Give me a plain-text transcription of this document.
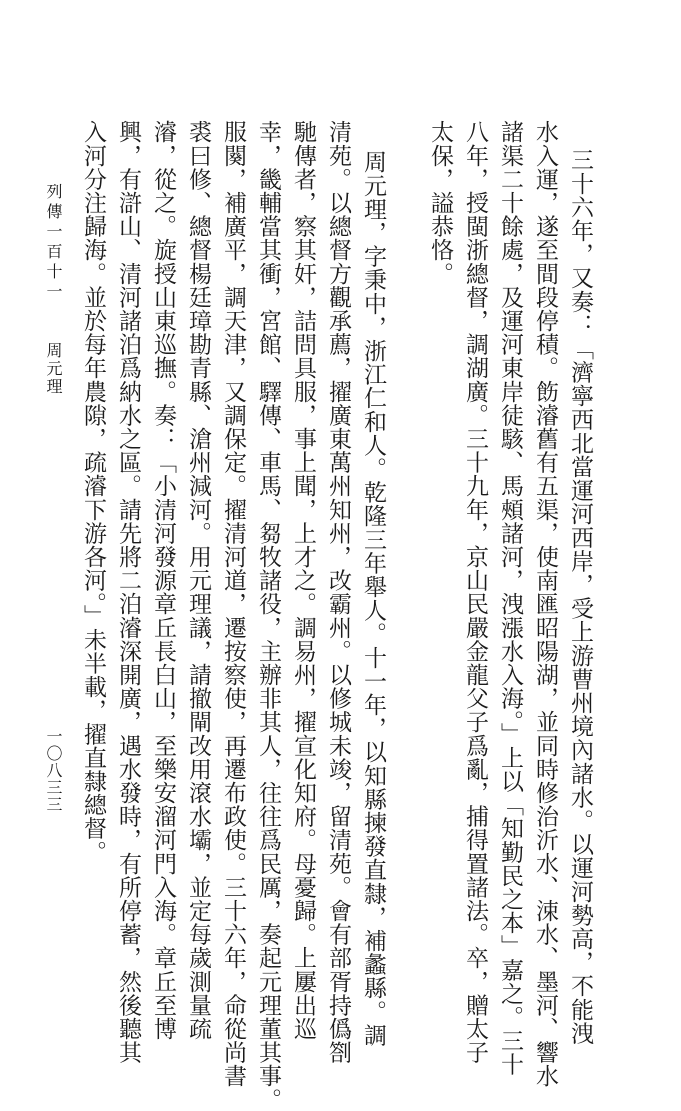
三十六年，又奏：「濟寧西北當運河西岸，受上游曹州境內諸水。以運河勢高，不能洩
水入運，遂至間段停積。飭濬舊有五渠，使南匯昭陽湖，並同時修治沂水、涑水、墨河、響水
諸渠二十餘處，及運河東岸徒駭、馬頰諸河，洩漲水入海。」上以「知勤民之本」嘉之。三十
八年，授閩浙總督，調湖廣。三十九年，京山民嚴金龍父子爲亂，捕得置諸法。卒，贈太子
太保，謚恭恪。
周元理，字秉中，浙江仁和人。乾隆三年舉人。十一年，以知縣揀發直隸，補蠡縣。調
清苑。以總督方觀承薦，擢廣東萬州知州，改霸州。以修城未竣，留清苑。會有部胥持僞劄
馳傳者，察其奸，詰問具服，事上聞，上才之。調易州，擢宣化知府。母憂歸。上屢出巡
幸，畿輔當其衝，宮館、驛傳、車馬、芻牧諸役，主辦非其人，往往爲民厲，奏起元理董其事。
服闋，補廣平，調天津，又調保定。擢清河道，遷按察使，再遷布政使。三十六年，命從尚書
裘曰修、總督楊廷璋勘青縣、滄州減河。用元理議，請撤閘改用滾水壩，並定每歲測量疏
濬，從之。旋授山東巡撫。奏：「小清河發源章丘長白山，至樂安溜河門入海。章丘至博
興，有滸山、清河諸泊爲納水之區。請先將二泊濬深開廣，遇水發時，有所停蓄，然後聽其
入河分注歸海。並於每年農隙，疏濬下游各河。」未半載，擢直隸總督。
列傳一百十一
周元理
一〇八三三
